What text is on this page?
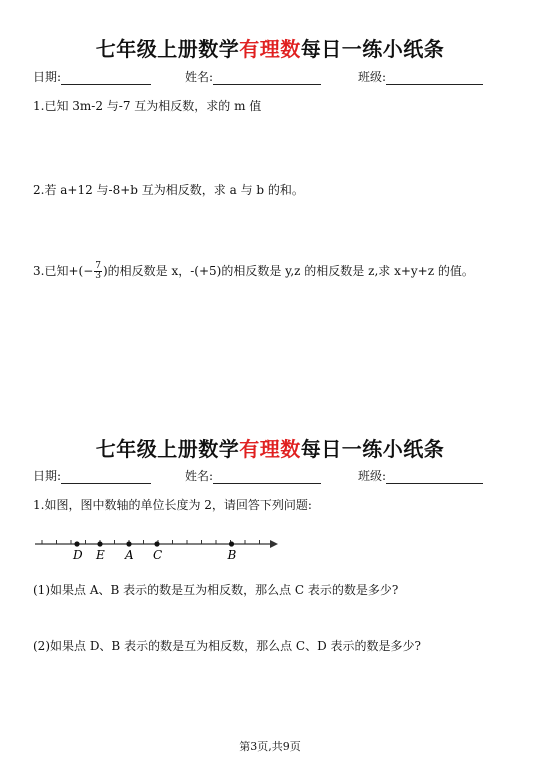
七年级上册数学有理数每日一练小纸条
日期:	姓名:	班级:
1.已知 3m-2 与-7 互为相反数，求的 m 值
2.若 a+12 与-8+b 互为相反数，求 a 与 b 的和。
3.已知+(− $\frac{7}{3}$ )的相反数是 x，-(+5)的相反数是 y,z 的相反数是 z,求 x+y+z 的值。
七年级上册数学有理数每日一练小纸条
日期:	姓名:	班级:
1.如图，图中数轴的单位长度为 2，请回答下列问题:
D E A C	B
(1)如果点 A、B 表示的数是互为相反数，那么点 C 表示的数是多少?
(2)如果点 D、B 表示的数是互为相反数，那么点 C、D 表示的数是多少?
第3页,共9页
